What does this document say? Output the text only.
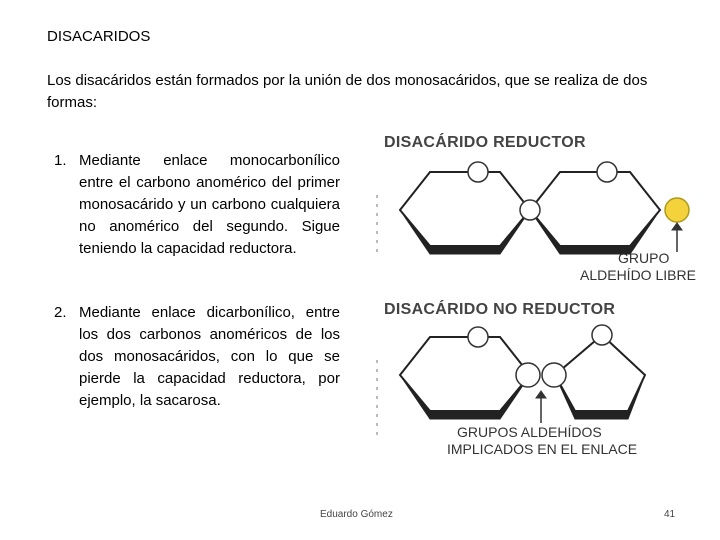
DISACARIDOS
Los disacáridos están formados por la unión de dos monosacáridos, que se realiza de dos formas:
1. Mediante enlace monocarbonílico entre el carbono anomérico del primer monosacárido y un carbono cualquiera no anomérico del segundo. Sigue teniendo la capacidad reductora.
2. Mediante enlace dicarbonílico, entre los dos carbonos anoméricos de los dos monosacáridos, con lo que se pierde la capacidad reductora, por ejemplo, la sacarosa.
DISACÁRIDO REDUCTOR
GRUPO
ALDEHÍDO LIBRE
DISACÁRIDO NO REDUCTOR
GRUPOS ALDEHÍDOS
IMPLICADOS EN EL ENLACE
Eduardo Gómez	41
